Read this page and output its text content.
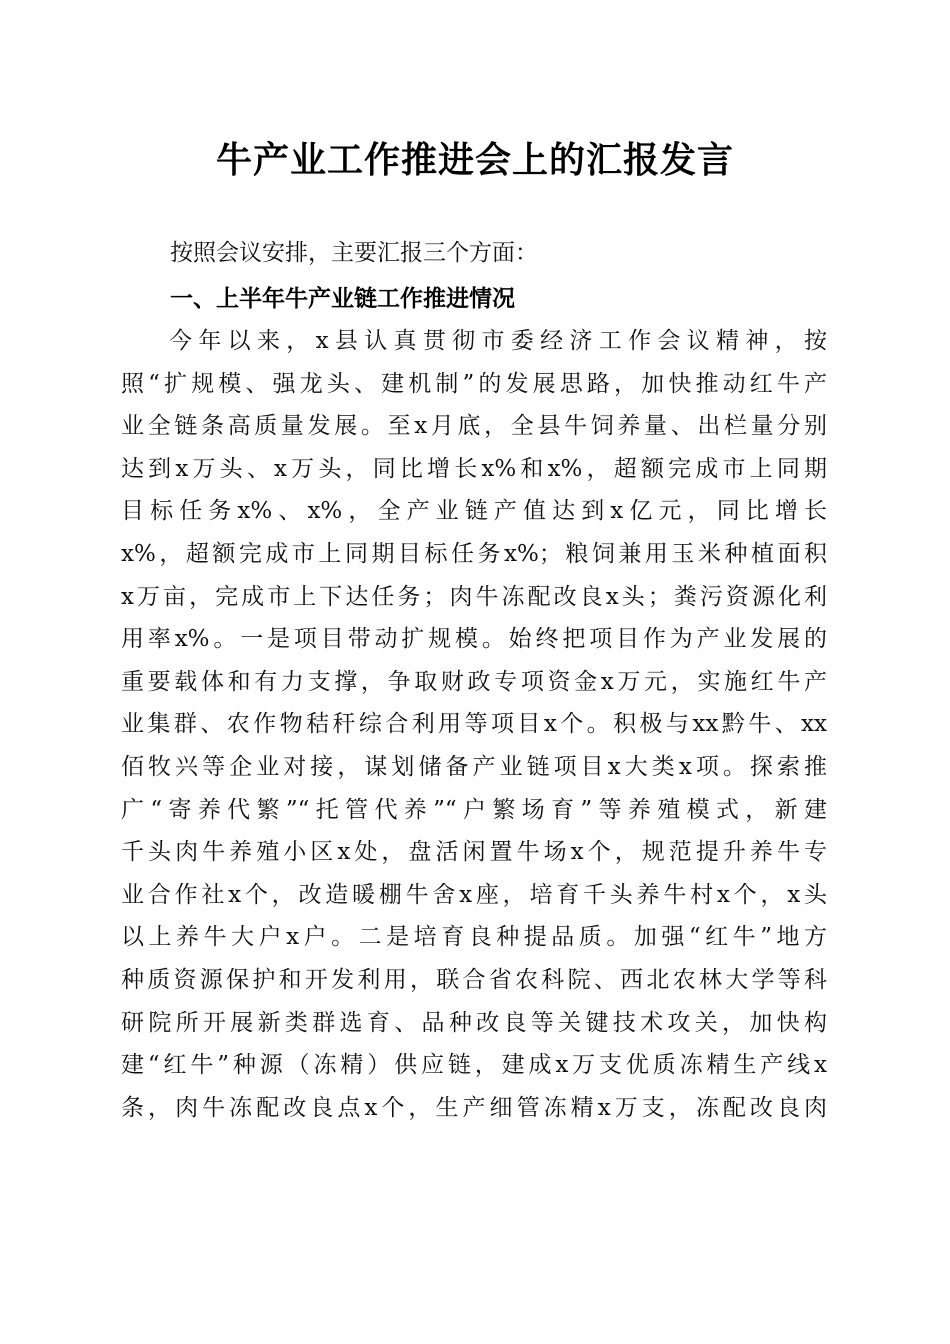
牛产业工作推进会上的汇报发言
按照会议安排，主要汇报三个方面：
一、上半年牛产业链工作推进情况
今年以来，x县认真贯彻市委经济工作会议精神，按
照“扩规模、强龙头、建机制”的发展思路，加快推动红牛产
业全链条高质量发展。至x月底，全县牛饲养量、出栏量分别
达到x万头、x万头，同比增长x%和x%，超额完成市上同期
目标任务x%、x%，全产业链产值达到x亿元，同比增长
x%，超额完成市上同期目标任务x%；粮饲兼用玉米种植面积
x万亩，完成市上下达任务；肉牛冻配改良x头；粪污资源化利
用率x%。一是项目带动扩规模。始终把项目作为产业发展的
重要载体和有力支撑，争取财政专项资金x万元，实施红牛产
业集群、农作物秸秆综合利用等项目x个。积极与xx黔牛、xx
佰牧兴等企业对接，谋划储备产业链项目x大类x项。探索推
广“寄养代繁”“托管代养”“户繁场育”等养殖模式，新建
千头肉牛养殖小区x处，盘活闲置牛场x个，规范提升养牛专
业合作社x个，改造暖棚牛舍x座，培育千头养牛村x个，x头
以上养牛大户x户。二是培育良种提品质。加强“红牛”地方
种质资源保护和开发利用，联合省农科院、西北农林大学等科
研院所开展新类群选育、品种改良等关键技术攻关，加快构
建“红牛”种源（冻精）供应链，建成x万支优质冻精生产线x
条，肉牛冻配改良点x个，生产细管冻精x万支，冻配改良肉
